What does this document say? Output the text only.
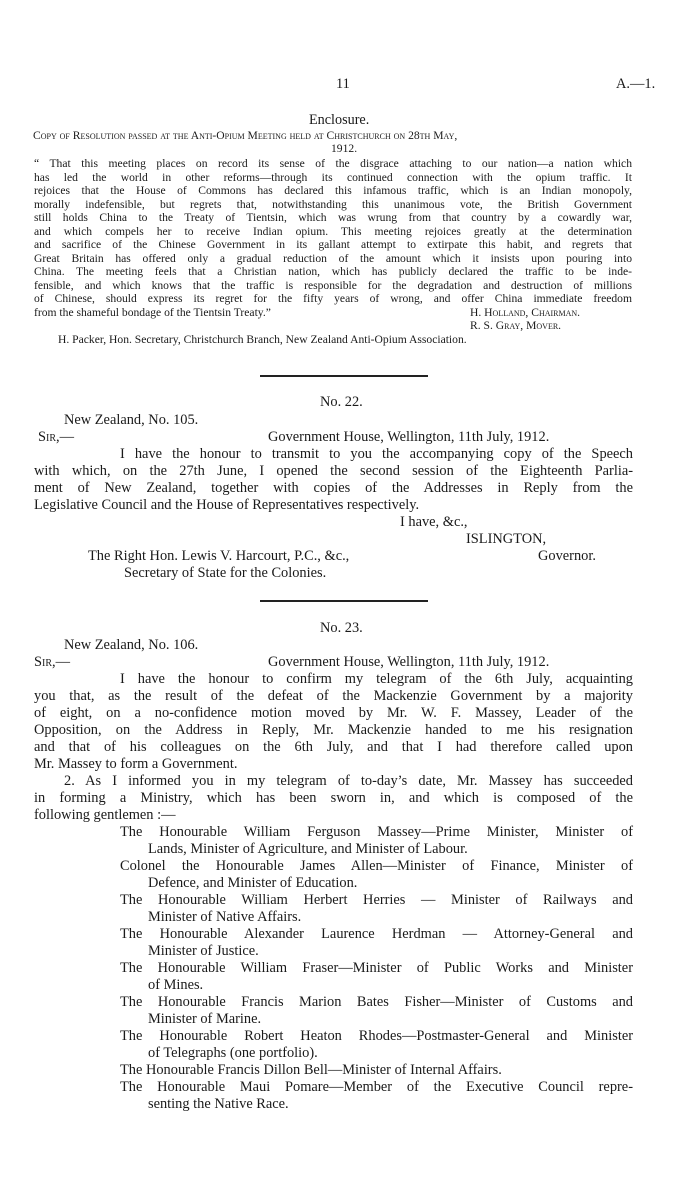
11	A.—1.
Enclosure.
Copy of Resolution passed at the Anti-Opium Meeting held at Christchurch on 28th May,
1912.
“ That this meeting places on record its sense of the disgrace attaching to our nation—a nation which
has led the world in other reforms—through its continued connection with the opium traffic. It
rejoices that the House of Commons has declared this infamous traffic, which is an Indian monopoly,
morally indefensible, but regrets that, notwithstanding this unanimous vote, the British Government
still holds China to the Treaty of Tientsin, which was wrung from that country by a cowardly war,
and which compels her to receive Indian opium. This meeting rejoices greatly at the determination
and sacrifice of the Chinese Government in its gallant attempt to extirpate this habit, and regrets that
Great Britain has offered only a gradual reduction of the amount which it insists upon pouring into
China. The meeting feels that a Christian nation, which has publicly declared the traffic to be inde-
fensible, and which knows that the traffic is responsible for the degradation and destruction of millions
of Chinese, should express its regret for the fifty years of wrong, and offer China immediate freedom
from the shameful bondage of the Tientsin Treaty.”	H. Holland, Chairman.
R. S. Gray, Mover.
H. Packer, Hon. Secretary, Christchurch Branch, New Zealand Anti-Opium Association.
No. 22.
New Zealand, No. 105.
Sir,—	Government House, Wellington, 11th July, 1912.
I have the honour to transmit to you the accompanying copy of the Speech
with which, on the 27th June, I opened the second session of the Eighteenth Parlia-
ment of New Zealand, together with copies of the Addresses in Reply from the
Legislative Council and the House of Representatives respectively.
I have, &c.,
ISLINGTON,
The Right Hon. Lewis V. Harcourt, P.C., &c.,	Governor.
Secretary of State for the Colonies.
No. 23.
New Zealand, No. 106.
Sir,—	Government House, Wellington, 11th July, 1912.
I have the honour to confirm my telegram of the 6th July, acquainting
you that, as the result of the defeat of the Mackenzie Government by a majority
of eight, on a no-confidence motion moved by Mr. W. F. Massey, Leader of the
Opposition, on the Address in Reply, Mr. Mackenzie handed to me his resignation
and that of his colleagues on the 6th July, and that I had therefore called upon
Mr. Massey to form a Government.
2. As I informed you in my telegram of to-day’s date, Mr. Massey has succeeded
in forming a Ministry, which has been sworn in, and which is composed of the
following gentlemen :—
The Honourable William Ferguson Massey—Prime Minister, Minister of
Lands, Minister of Agriculture, and Minister of Labour.
Colonel the Honourable James Allen—Minister of Finance, Minister of
Defence, and Minister of Education.
The Honourable William Herbert Herries — Minister of Railways and
Minister of Native Affairs.
The Honourable Alexander Laurence Herdman — Attorney-General and
Minister of Justice.
The Honourable William Fraser—Minister of Public Works and Minister
of Mines.
The Honourable Francis Marion Bates Fisher—Minister of Customs and
Minister of Marine.
The Honourable Robert Heaton Rhodes—Postmaster-General and Minister
of Telegraphs (one portfolio).
The Honourable Francis Dillon Bell—Minister of Internal Affairs.
The Honourable Maui Pomare—Member of the Executive Council repre-
senting the Native Race.
